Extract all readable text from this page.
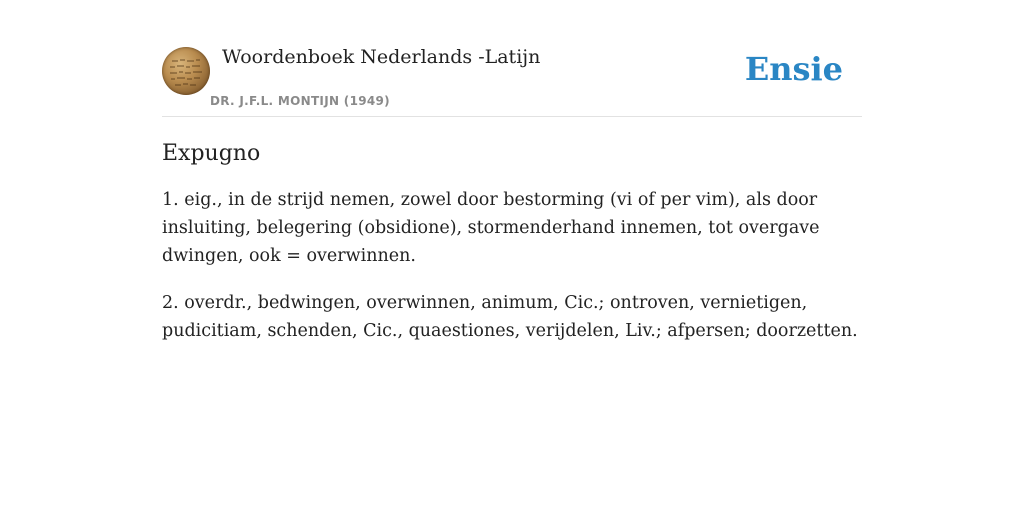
Woordenboek Nederlands -Latijn
DR. J.F.L. MONTIJN (1949)
Ensie
Expugno

1. eig., in de strijd nemen, zowel door bestorming (vi of per vim), als door insluiting, belegering (obsidione), stormenderhand innemen, tot overgave dwingen, ook = overwinnen.

2. overdr., bedwingen, overwinnen, animum, Cic.; ontroven, vernietigen, pudicitiam, schenden, Cic., quaestiones, verijdelen, Liv.; afpersen; doorzetten.
